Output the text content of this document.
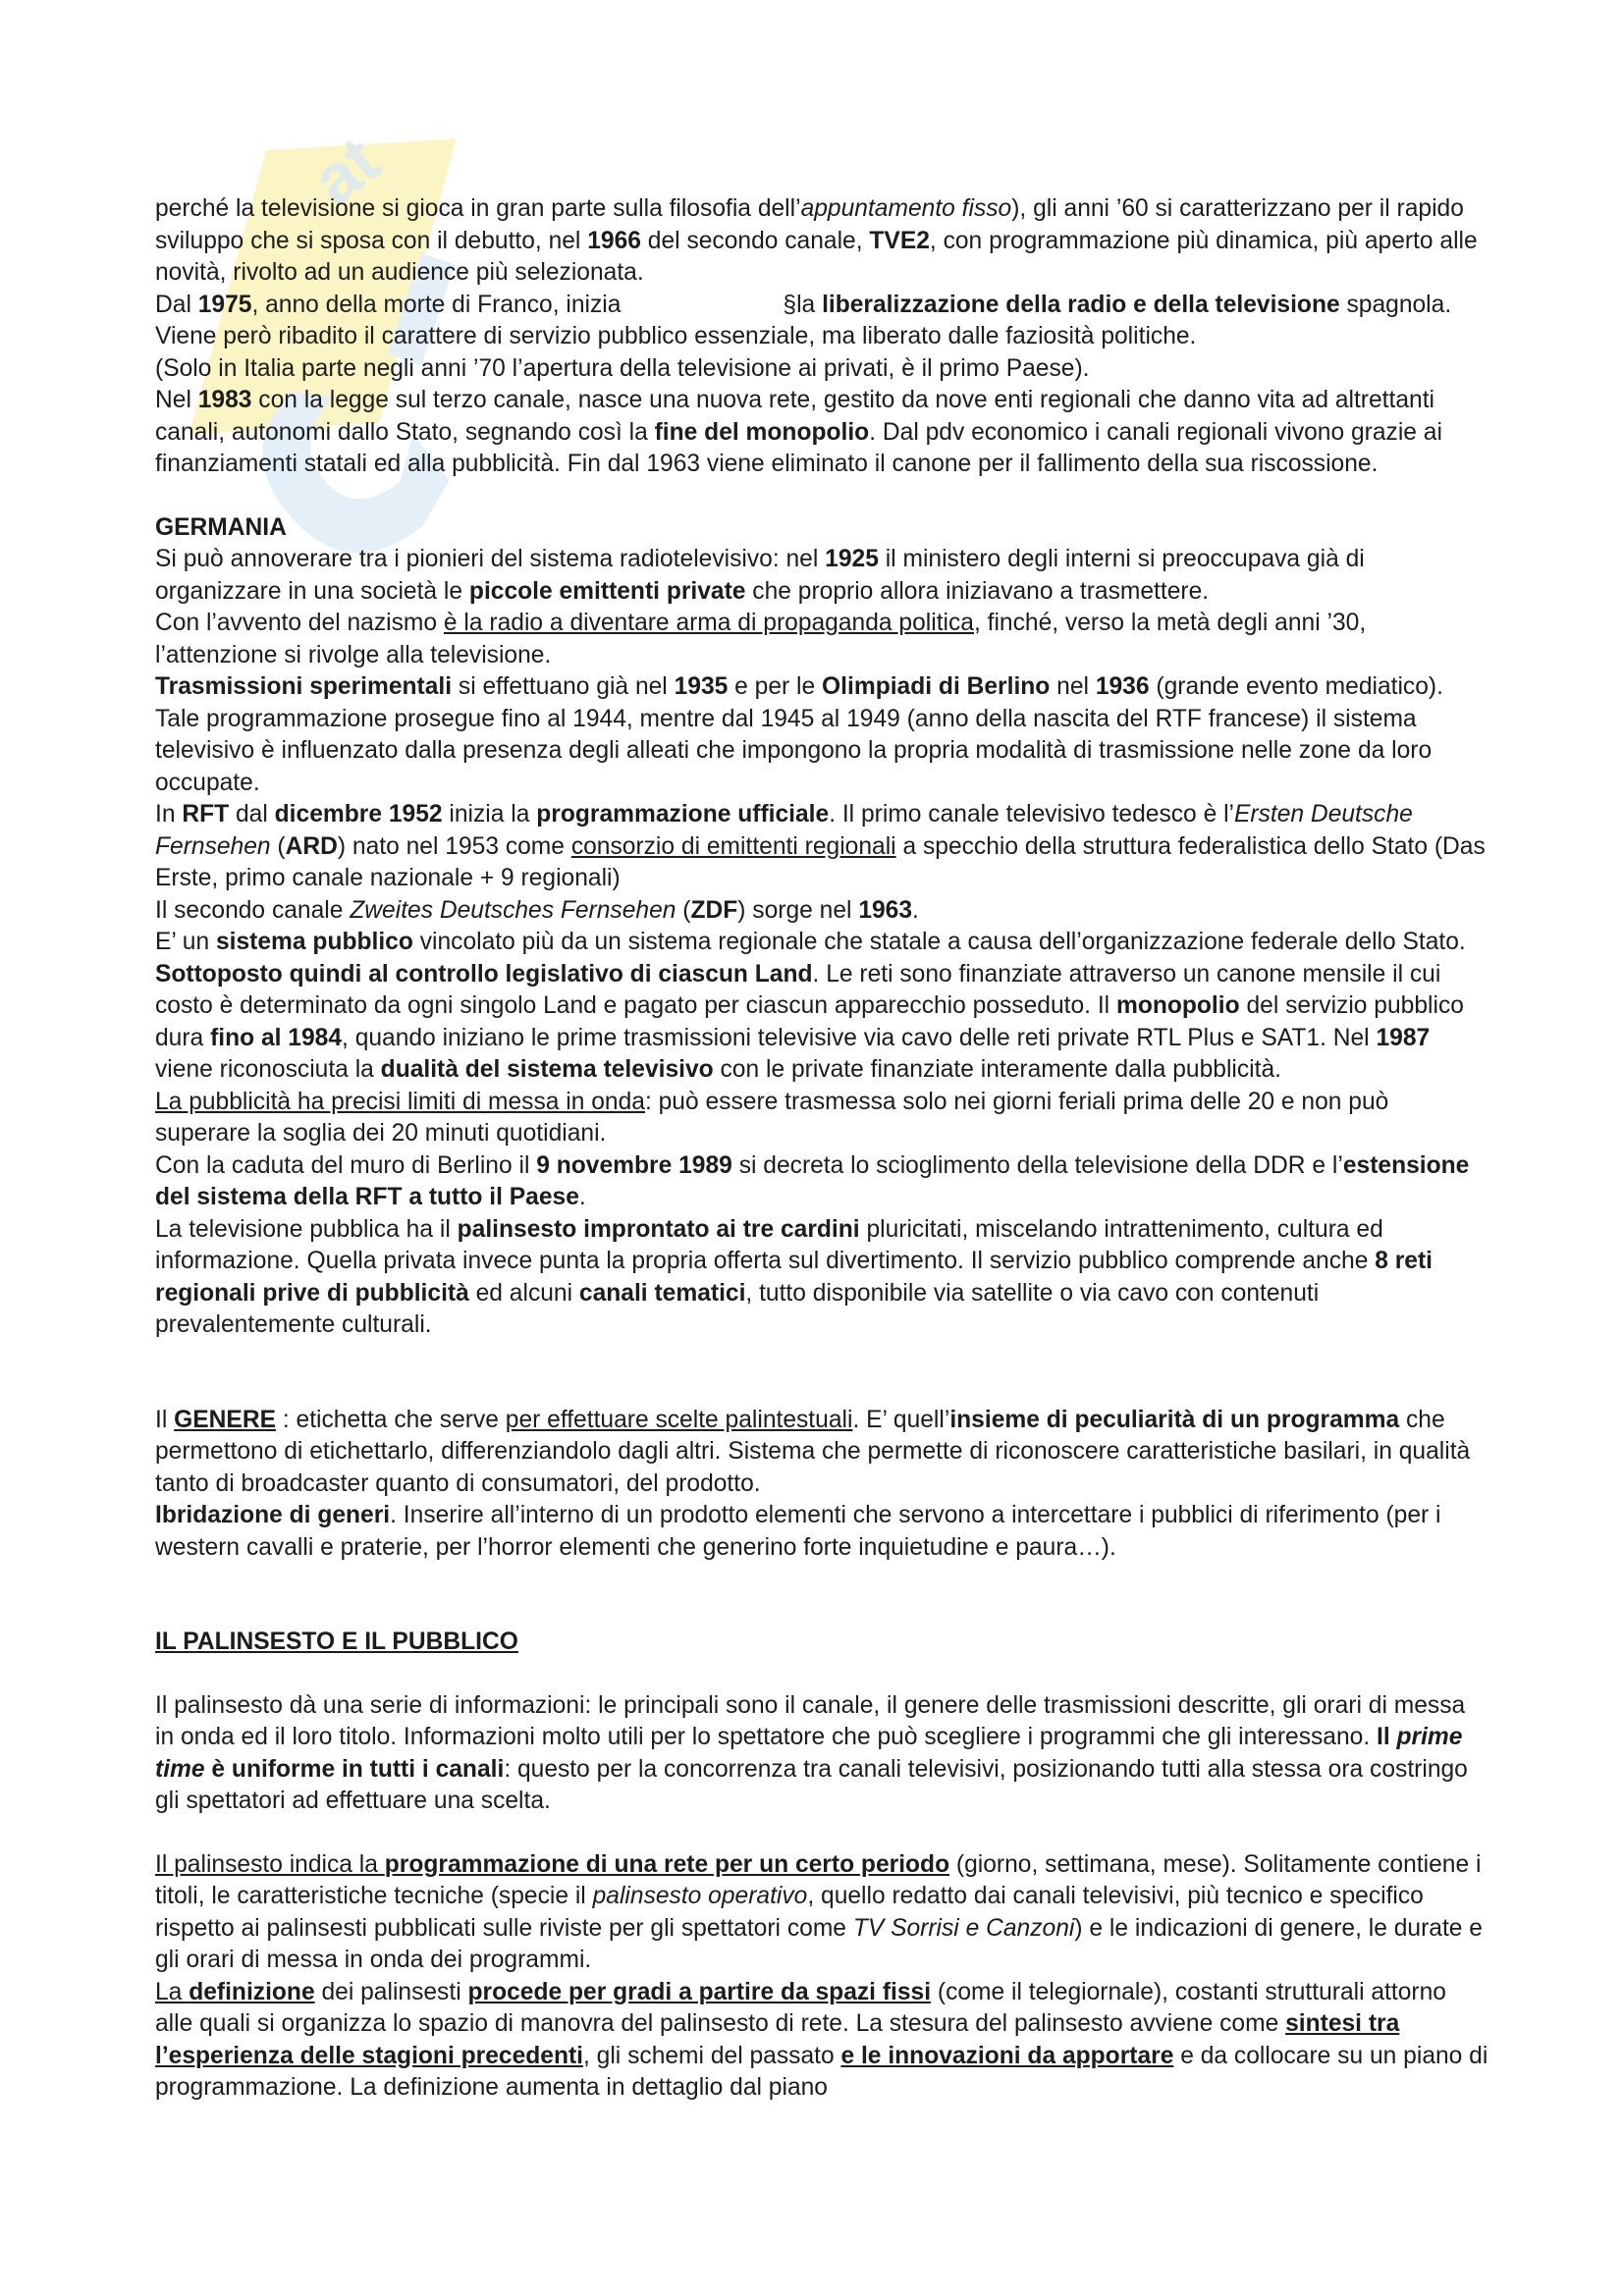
at

perché la televisione si gioca in gran parte sulla filosofia dell’appuntamento fisso), gli anni ’60 si caratterizzano per il rapido sviluppo che si sposa con il debutto, nel 1966 del secondo canale, TVE2, con programmazione più dinamica, più aperto alle novità, rivolto ad un audience più selezionata.

Dal 1975, anno della morte di Franco, inizia	§la liberalizzazione della radio e della televisione spagnola. Viene però ribadito il carattere di servizio pubblico essenziale, ma liberato dalle faziosità politiche.

(Solo in Italia parte negli anni ’70 l’apertura della televisione ai privati, è il primo Paese).

Nel 1983 con la legge sul terzo canale, nasce una nuova rete, gestito da nove enti regionali che danno vita ad altrettanti canali, autonomi dallo Stato, segnando così la fine del monopolio. Dal pdv economico i canali regionali vivono grazie ai finanziamenti statali ed alla pubblicità. Fin dal 1963 viene eliminato il canone per il fallimento della sua riscossione.

GERMANIA

Si può annoverare tra i pionieri del sistema radiotelevisivo: nel 1925 il ministero degli interni si preoccupava già di organizzare in una società le piccole emittenti private che proprio allora iniziavano a trasmettere.

Con l’avvento del nazismo è la radio a diventare arma di propaganda politica, finché, verso la metà degli anni ’30, l’attenzione si rivolge alla televisione.

Trasmissioni sperimentali si effettuano già nel 1935 e per le Olimpiadi di Berlino nel 1936 (grande evento mediatico). Tale programmazione prosegue fino al 1944, mentre dal 1945 al 1949 (anno della nascita del RTF francese) il sistema televisivo è influenzato dalla presenza degli alleati che impongono la propria modalità di trasmissione nelle zone da loro occupate.

In RFT dal dicembre 1952 inizia la programmazione ufficiale. Il primo canale televisivo tedesco è l’Ersten Deutsche Fernsehen (ARD) nato nel 1953 come consorzio di emittenti regionali a specchio della struttura federalistica dello Stato (Das Erste, primo canale nazionale + 9 regionali)

Il secondo canale Zweites Deutsches Fernsehen (ZDF) sorge nel 1963.

E’ un sistema pubblico vincolato più da un sistema regionale che statale a causa dell’organizzazione federale dello Stato. Sottoposto quindi al controllo legislativo di ciascun Land. Le reti sono finanziate attraverso un canone mensile il cui costo è determinato da ogni singolo Land e pagato per ciascun apparecchio posseduto. Il monopolio del servizio pubblico dura fino al 1984, quando iniziano le prime trasmissioni televisive via cavo delle reti private RTL Plus e SAT1. Nel 1987 viene riconosciuta la dualità del sistema televisivo con le private finanziate interamente dalla pubblicità.

La pubblicità ha precisi limiti di messa in onda: può essere trasmessa solo nei giorni feriali prima delle 20 e non può superare la soglia dei 20 minuti quotidiani.

Con la caduta del muro di Berlino il 9 novembre 1989 si decreta lo scioglimento della televisione della DDR e l’estensione del sistema della RFT a tutto il Paese.

La televisione pubblica ha il palinsesto improntato ai tre cardini pluricitati, miscelando intrattenimento, cultura ed informazione. Quella privata invece punta la propria offerta sul divertimento. Il servizio pubblico comprende anche 8 reti regionali prive di pubblicità ed alcuni canali tematici, tutto disponibile via satellite o via cavo con contenuti prevalentemente culturali.

Il GENERE : etichetta che serve per effettuare scelte palintestuali. E’ quell’insieme di peculiarità di un programma che permettono di etichettarlo, differenziandolo dagli altri. Sistema che permette di riconoscere caratteristiche basilari, in qualità tanto di broadcaster quanto di consumatori, del prodotto.

Ibridazione di generi. Inserire all’interno di un prodotto elementi che servono a intercettare i pubblici di riferimento (per i western cavalli e praterie, per l’horror elementi che generino forte inquietudine e paura…).

IL PALINSESTO E IL PUBBLICO

Il palinsesto dà una serie di informazioni: le principali sono il canale, il genere delle trasmissioni descritte, gli orari di messa in onda ed il loro titolo. Informazioni molto utili per lo spettatore che può scegliere i programmi che gli interessano. Il prime time è uniforme in tutti i canali: questo per la concorrenza tra canali televisivi, posizionando tutti alla stessa ora costringo gli spettatori ad effettuare una scelta.

Il palinsesto indica la programmazione di una rete per un certo periodo (giorno, settimana, mese). Solitamente contiene i titoli, le caratteristiche tecniche (specie il palinsesto operativo, quello redatto dai canali televisivi, più tecnico e specifico rispetto ai palinsesti pubblicati sulle riviste per gli spettatori come TV Sorrisi e Canzoni) e le indicazioni di genere, le durate e gli orari di messa in onda dei programmi.

La definizione dei palinsesti procede per gradi a partire da spazi fissi (come il telegiornale), costanti strutturali attorno alle quali si organizza lo spazio di manovra del palinsesto di rete. La stesura del palinsesto avviene come sintesi tra l’esperienza delle stagioni precedenti, gli schemi del passato e le innovazioni da apportare e da collocare su un piano di programmazione. La definizione aumenta in dettaglio dal piano
